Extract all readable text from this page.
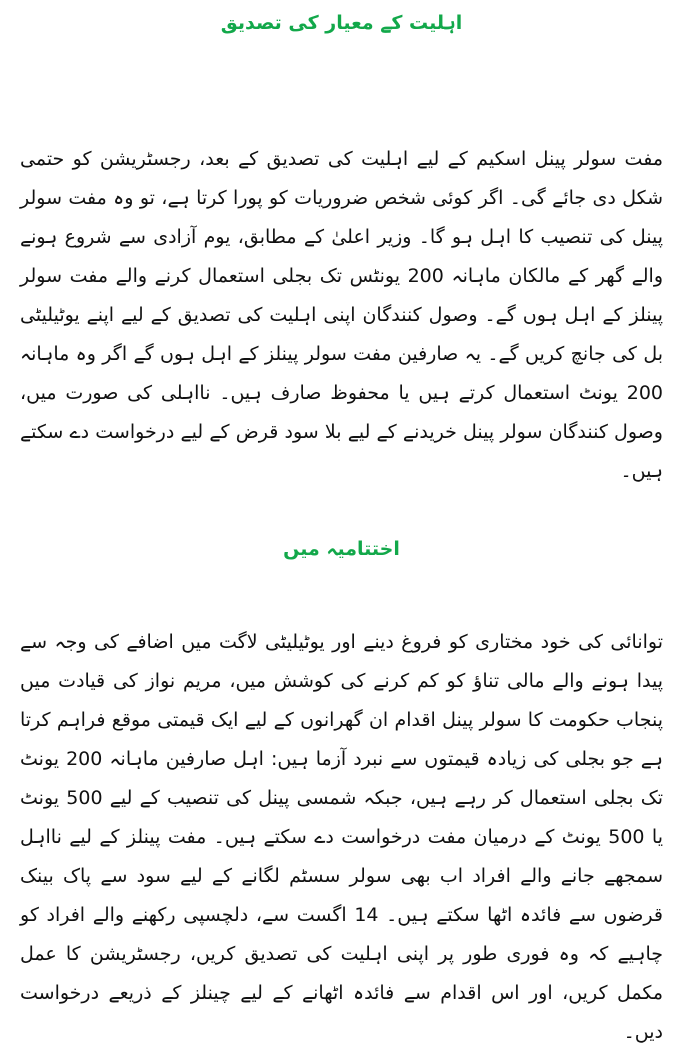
اہلیت کے معیار کی تصدیق

مفت سولر پینل اسکیم کے لیے اہلیت کی تصدیق کے بعد، رجسٹریشن کو حتمی شکل دی جائے گی۔ اگر کوئی شخص ضروریات کو پورا کرتا ہے، تو وہ مفت سولر پینل کی تنصیب کا اہل ہو گا۔ وزیر اعلیٰ کے مطابق، یوم آزادی سے شروع ہونے والے گھر کے مالکان ماہانہ 200 یونٹس تک بجلی استعمال کرنے والے مفت سولر پینلز کے اہل ہوں گے۔ وصول کنندگان اپنی اہلیت کی تصدیق کے لیے اپنے یوٹیلیٹی بل کی جانچ کریں گے۔ یہ صارفین مفت سولر پینلز کے اہل ہوں گے اگر وہ ماہانہ 200 یونٹ استعمال کرتے ہیں یا محفوظ صارف ہیں۔ نااہلی کی صورت میں، وصول کنندگان سولر پینل خریدنے کے لیے بلا سود قرض کے لیے درخواست دے سکتے ہیں۔

اختتامیہ میں

توانائی کی خود مختاری کو فروغ دینے اور یوٹیلیٹی لاگت میں اضافے کی وجہ سے پیدا ہونے والے مالی تناؤ کو کم کرنے کی کوشش میں، مریم نواز کی قیادت میں پنجاب حکومت کا سولر پینل اقدام ان گھرانوں کے لیے ایک قیمتی موقع فراہم کرتا ہے جو بجلی کی زیادہ قیمتوں سے نبرد آزما ہیں: اہل صارفین ماہانہ 200 یونٹ تک بجلی استعمال کر رہے ہیں، جبکہ شمسی پینل کی تنصیب کے لیے 500 یونٹ یا 500 یونٹ کے درمیان مفت درخواست دے سکتے ہیں۔ مفت پینلز کے لیے نااہل سمجھے جانے والے افراد اب بھی سولر سسٹم لگانے کے لیے سود سے پاک بینک قرضوں سے فائدہ اٹھا سکتے ہیں۔ 14 اگست سے، دلچسپی رکھنے والے افراد کو چاہیے کہ وہ فوری طور پر اپنی اہلیت کی تصدیق کریں، رجسٹریشن کا عمل مکمل کریں، اور اس اقدام سے فائدہ اٹھانے کے لیے چینلز کے ذریعے درخواست دیں۔
